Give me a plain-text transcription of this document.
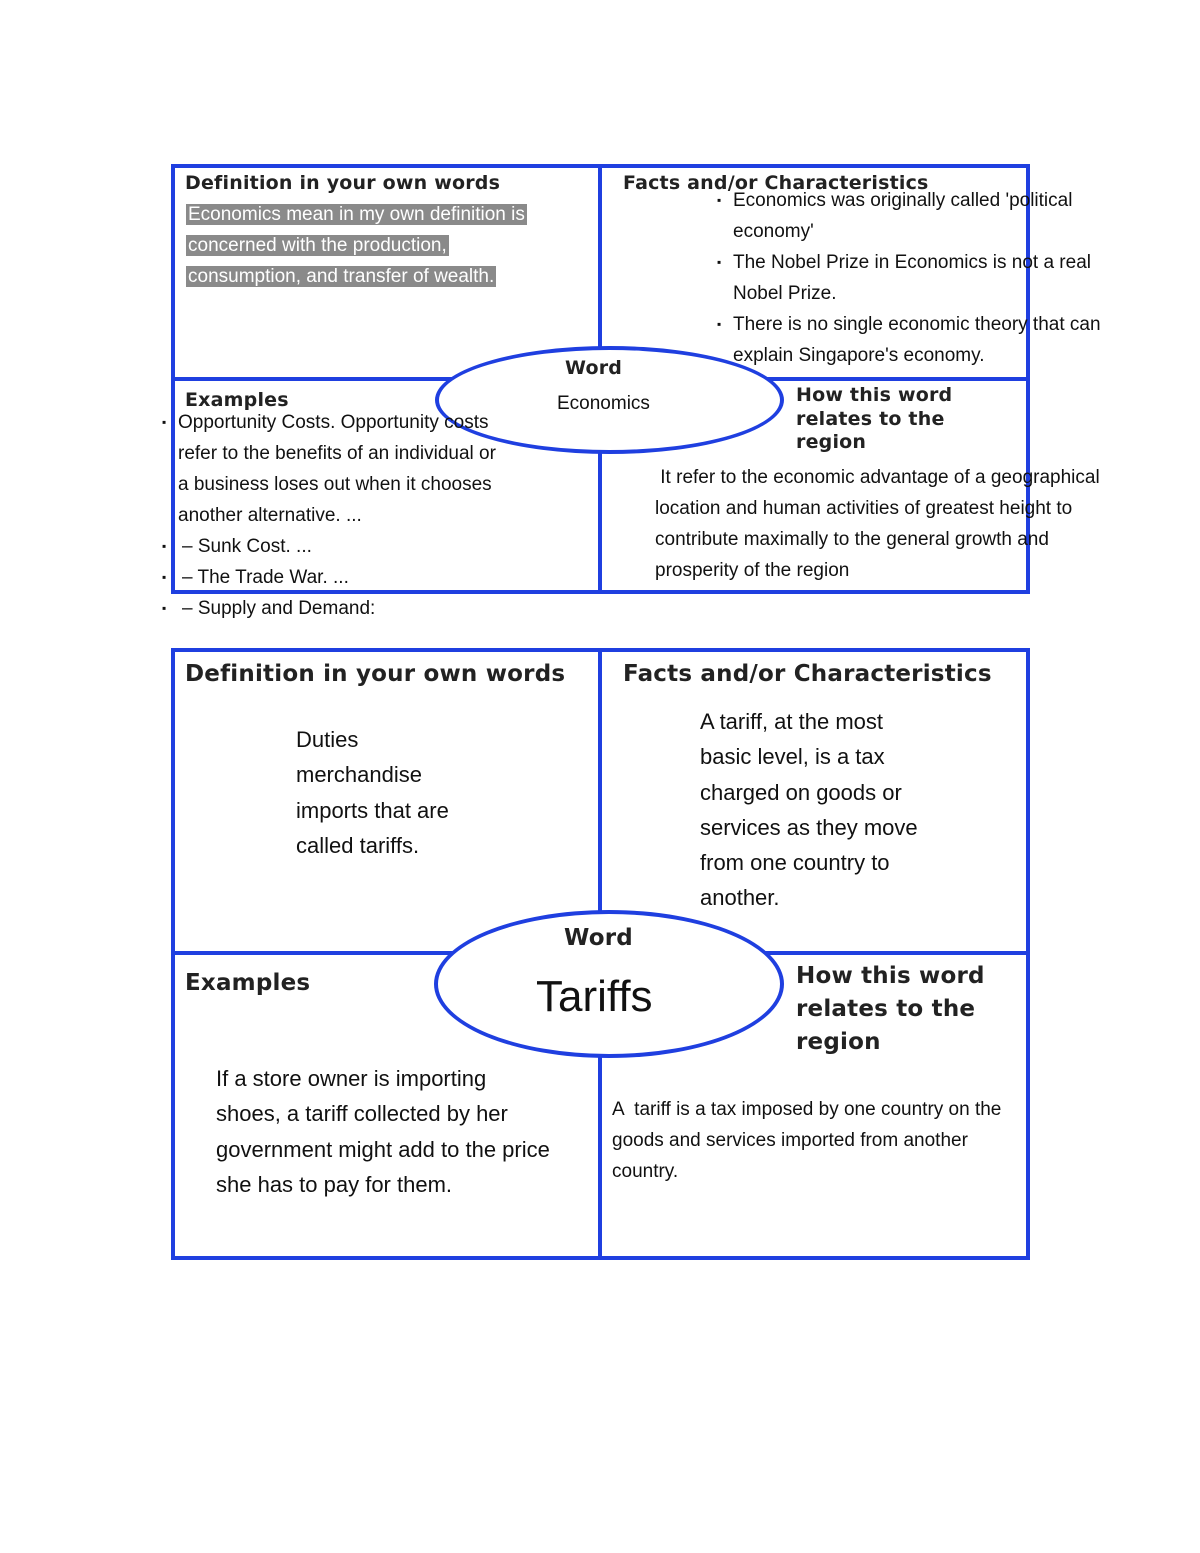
Definition in your own words	Facts and/or Characteristics
Examples	How this word
relates to the
region
Word
Economics
Economics mean in my own definition is
concerned with the production,
consumption, and transfer of wealth.
▪ Economics was originally called 'political
economy'
▪ The Nobel Prize in Economics is not a real
Nobel Prize.
▪ There is no single economic theory that can
explain Singapore's economy.
▪ Opportunity Costs. Opportunity costs
refer to the benefits of an individual or
a business loses out when it chooses
another alternative. ...
▪ – Sunk Cost. ...
▪ – The Trade War. ...
▪ – Supply and Demand:
It refer to the economic advantage of a geographical
location and human activities of greatest height to
contribute maximally to the general growth and
prosperity of the region
Definition in your own words	Facts and/or Characteristics
Examples	How this word
relates to the
region
Word
Tariffs
Duties
merchandise
imports that are
called tariffs.
A tariff, at the most
basic level, is a tax
charged on goods or
services as they move
from one country to
another.
If a store owner is importing
shoes, a tariff collected by her
government might add to the price
she has to pay for them.
A  tariff is a tax imposed by one country on the
goods and services imported from another
country.
